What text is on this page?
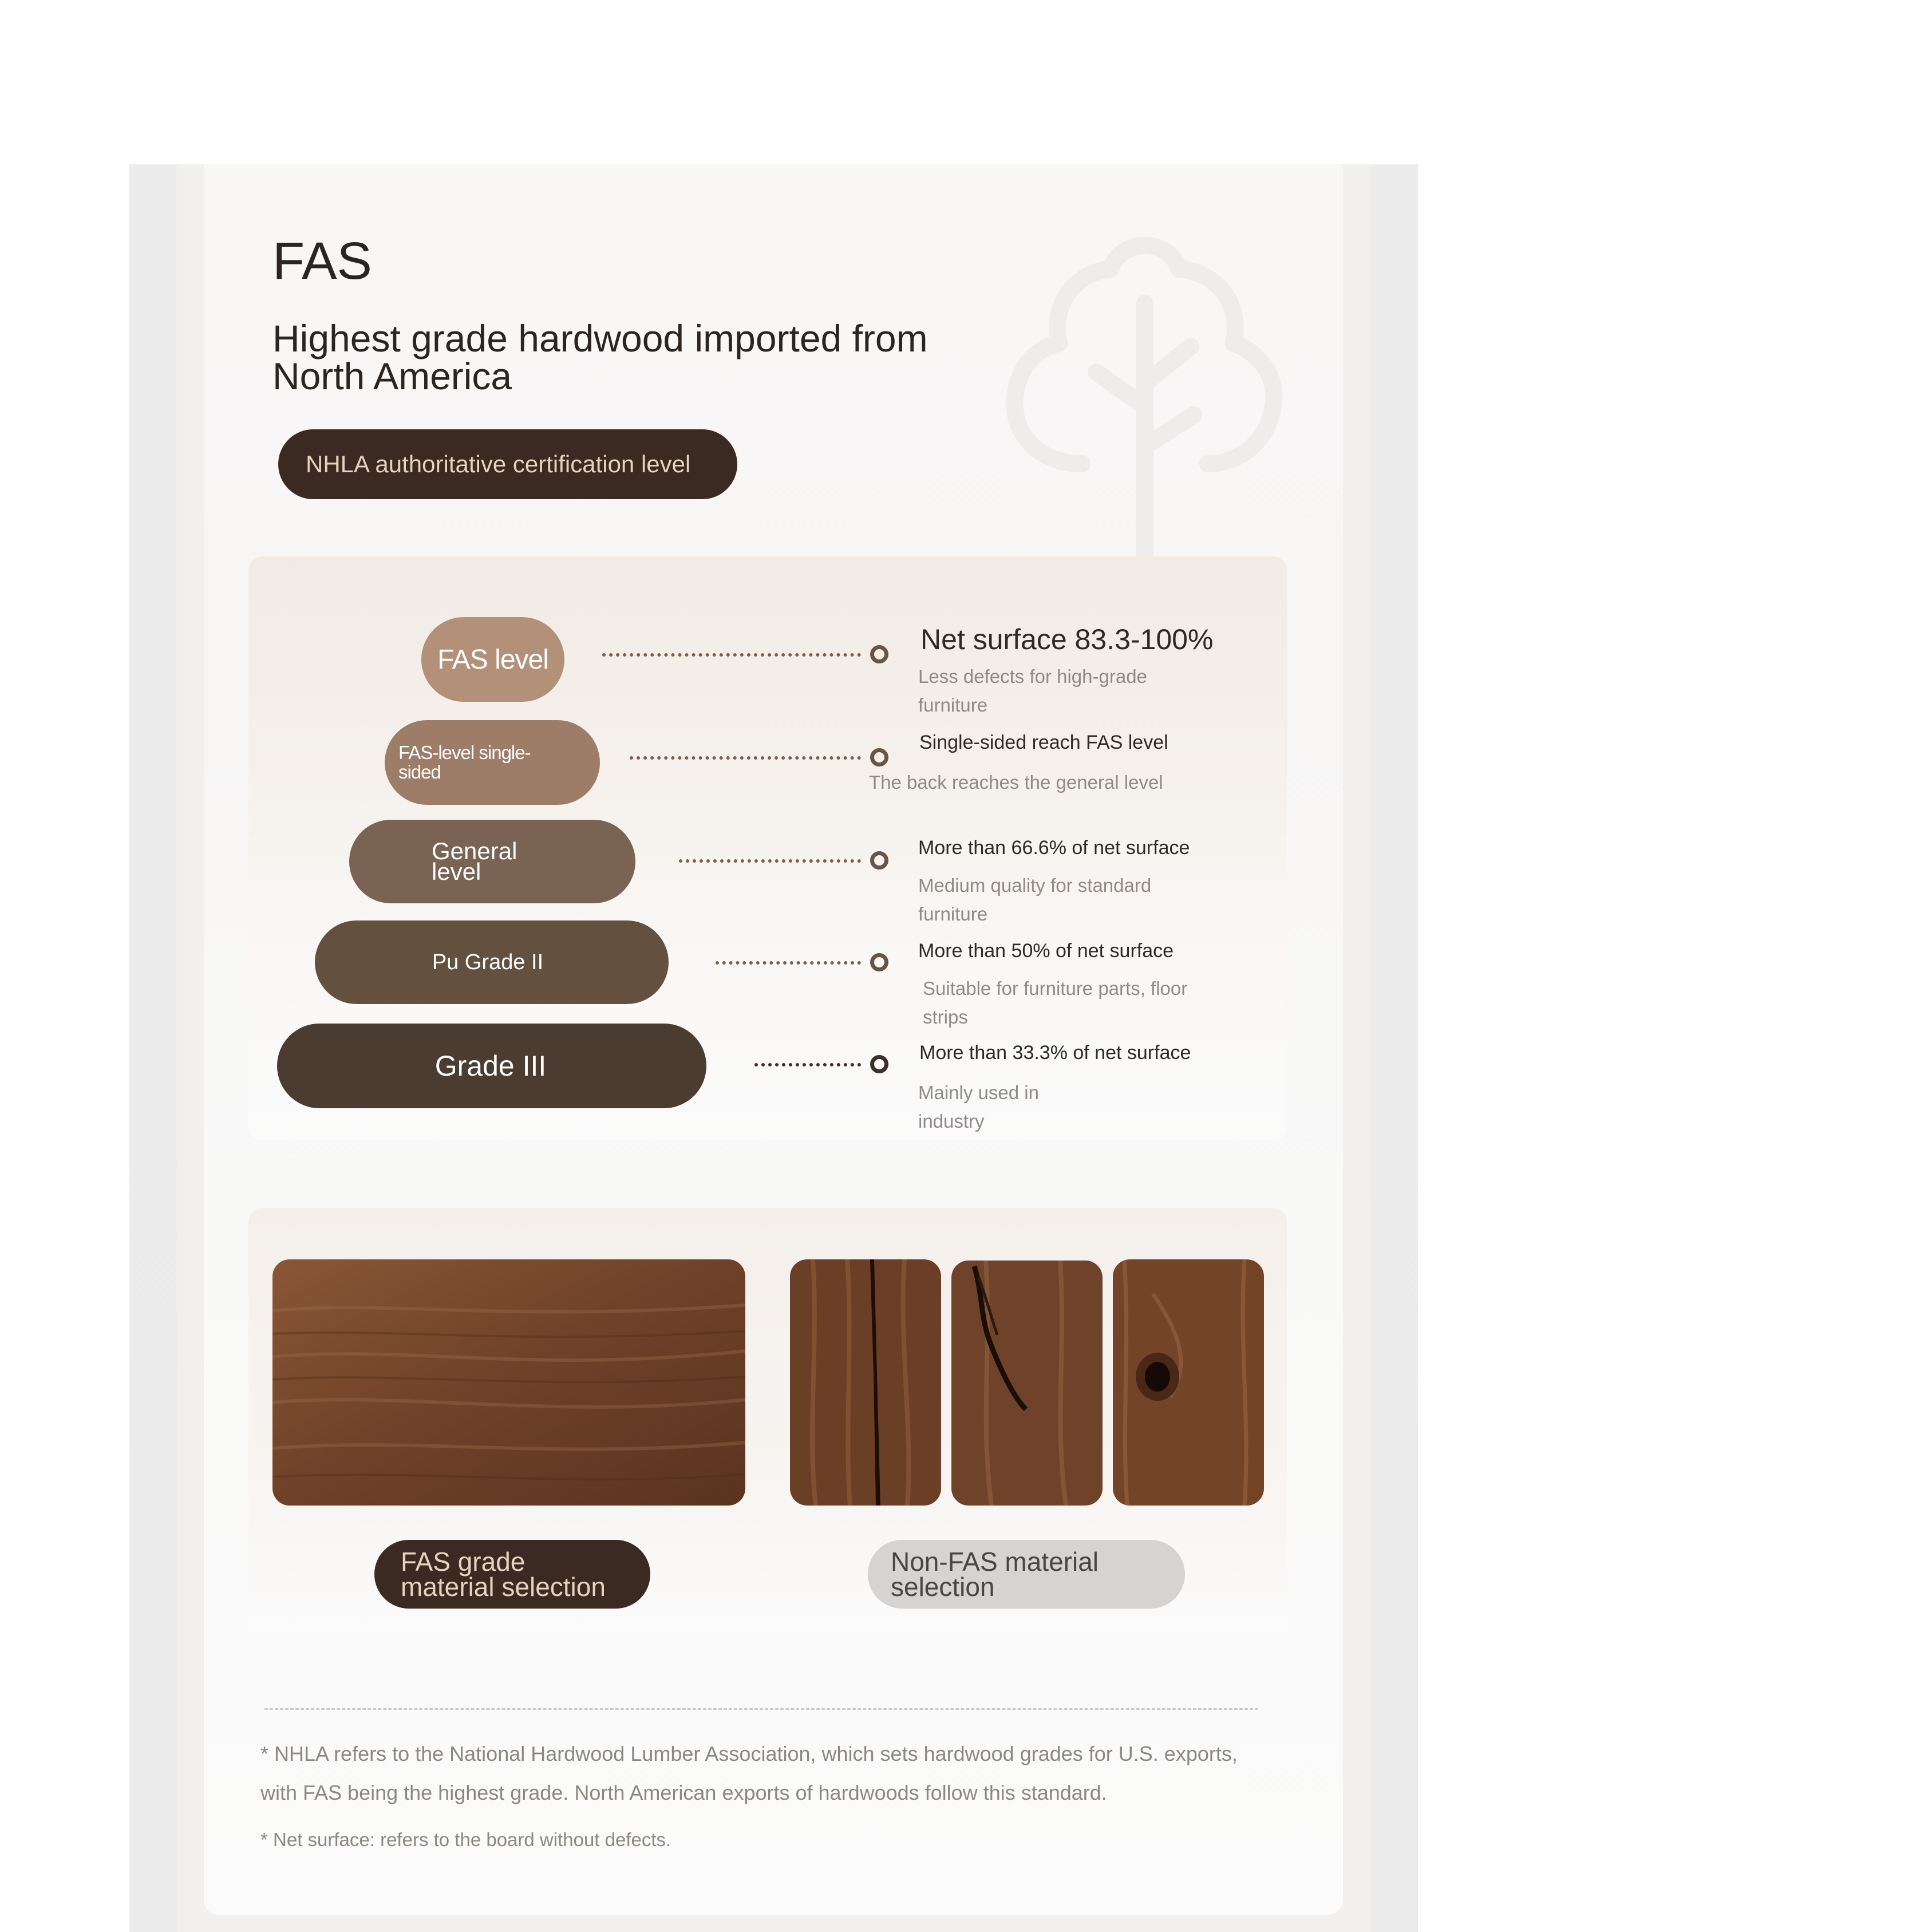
FAS
Highest grade hardwood imported from
North America
NHLA authoritative certification level
FAS level
Net surface 83.3-100%
Less defects for high-grade
furniture
FAS-level single-
sided
Single-sided reach FAS level
The back reaches the general level
General
level
More than 66.6% of net surface
Medium quality for standard
furniture
Pu Grade II	More than 50% of net surface
Suitable for furniture parts, floor
strips
Grade III	More than 33.3% of net surface
Mainly used in
industry
FAS grade
material selection
Non-FAS material
selection
* NHLA refers to the National Hardwood Lumber Association, which sets hardwood grades for U.S. exports,
with FAS being the highest grade. North American exports of hardwoods follow this standard.
* Net surface: refers to the board without defects.
